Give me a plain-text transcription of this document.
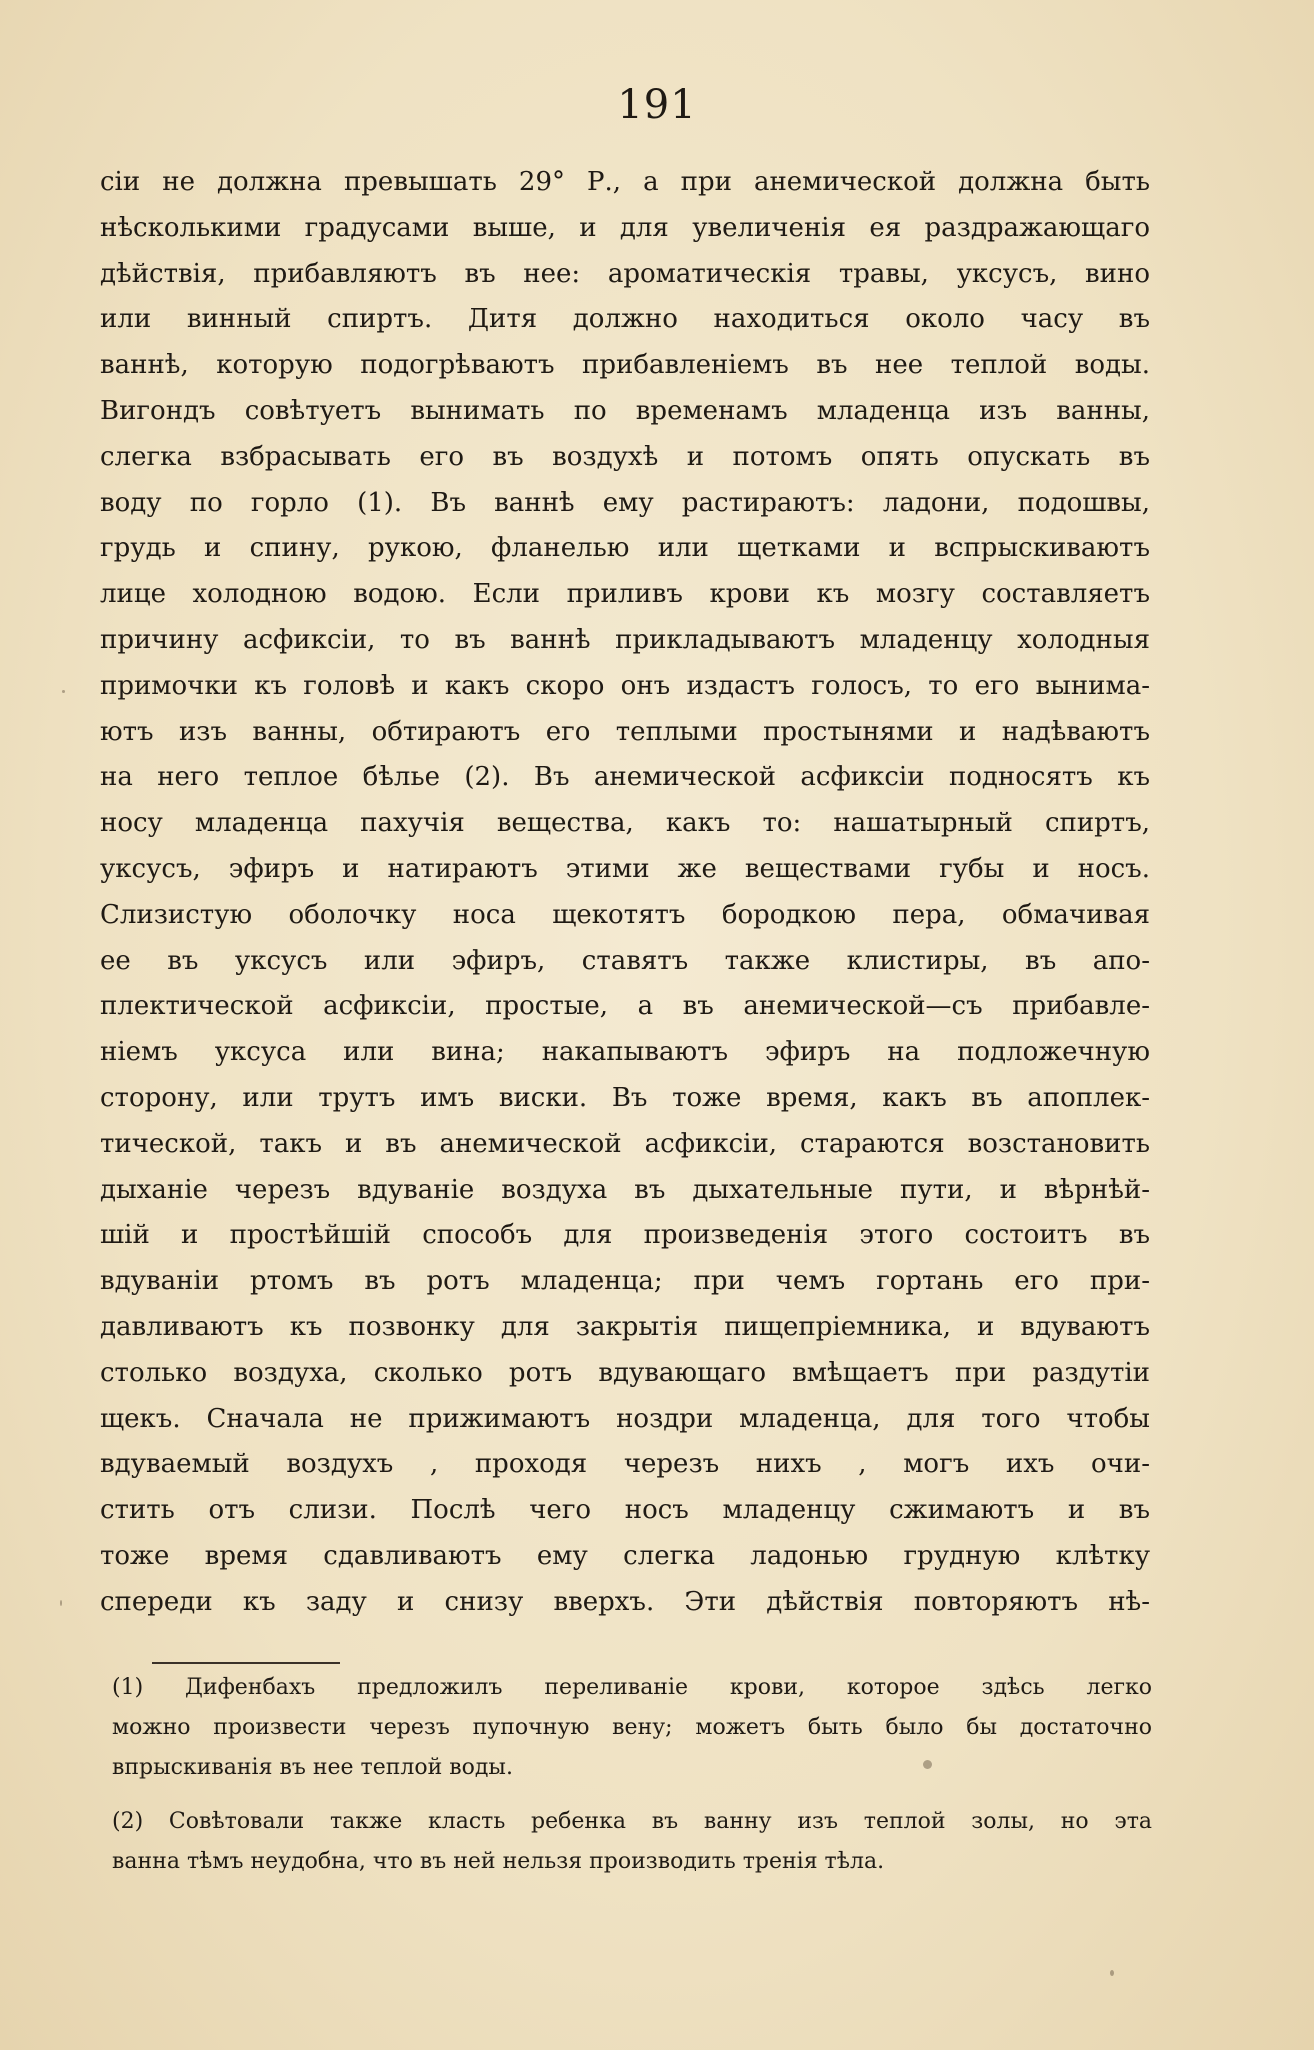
191
сіи не должна превышать 29° Р., а при анемической должна быть
нѣсколькими градусами выше, и для увеличенія ея раздражающаго
дѣйствія, прибавляютъ въ нее: ароматическія травы, уксусъ, вино
или винный спиртъ. Дитя должно находиться около часу въ
ваннѣ, которую подогрѣваютъ прибавленіемъ въ нее теплой воды.
Вигондъ совѣтуетъ вынимать по временамъ младенца изъ ванны,
слегка взбрасывать его въ воздухѣ и потомъ опять опускать въ
воду по горло (1). Въ ваннѣ ему растираютъ: ладони, подошвы,
грудь и спину, рукою, фланелью или щетками и вспрыскиваютъ
лице холодною водою. Если приливъ крови къ мозгу составляетъ
причину асфиксіи, то въ ваннѣ прикладываютъ младенцу холодныя
примочки къ головѣ и какъ скоро онъ издастъ голосъ, то его вынима-
ютъ изъ ванны, обтираютъ его теплыми простынями и надѣваютъ
на него теплое бѣлье (2). Въ анемической асфиксіи подносятъ къ
носу младенца пахучія вещества, какъ то: нашатырный спиртъ,
уксусъ, эфиръ и натираютъ этими же веществами губы и носъ.
Слизистую оболочку носа щекотятъ бородкою пера, обмачивая
ее въ уксусъ или эфиръ, ставятъ также клистиры, въ апо-
плектической асфиксіи, простые, а въ анемической—съ прибавле-
ніемъ уксуса или вина; накапываютъ эфиръ на подложечную
сторону, или трутъ имъ виски. Въ тоже время, какъ въ апоплек-
тической, такъ и въ анемической асфиксіи, стараются возстановить
дыханіе черезъ вдуваніе воздуха въ дыхательные пути, и вѣрнѣй-
шій и простѣйшій способъ для произведенія этого состоитъ въ
вдуваніи ртомъ въ ротъ младенца; при чемъ гортань его при-
давливаютъ къ позвонку для закрытія пищепріемника, и вдуваютъ
столько воздуха, сколько ротъ вдувающаго вмѣщаетъ при раздутіи
щекъ. Сначала не прижимаютъ ноздри младенца, для того чтобы
вдуваемый воздухъ , проходя черезъ нихъ , могъ ихъ очи-
стить отъ слизи. Послѣ чего носъ младенцу сжимаютъ и въ
тоже время сдавливаютъ ему слегка ладонью грудную клѣтку
спереди къ заду и снизу вверхъ. Эти дѣйствія повторяютъ нѣ-
(1) Дифенбахъ предложилъ переливаніе крови, которое здѣсь легко
можно произвести черезъ пупочную вену; можетъ быть было бы достаточно
впрыскиванія въ нее теплой воды.
(2) Совѣтовали также класть ребенка въ ванну изъ теплой золы, но эта
ванна тѣмъ неудобна, что въ ней нельзя производить тренія тѣла.
